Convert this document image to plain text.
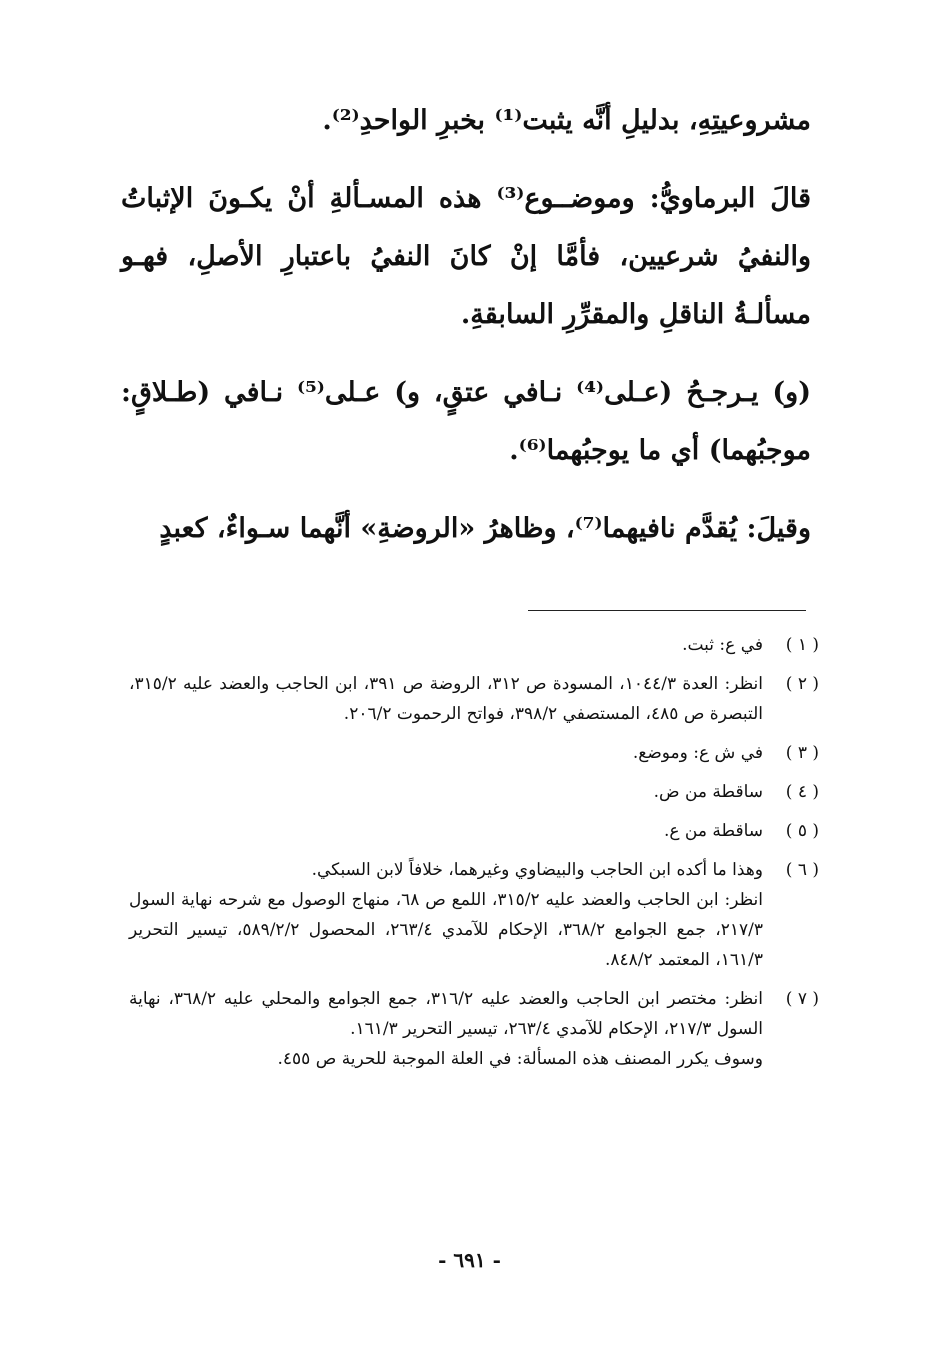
مشروعيتِهِ، بدليلِ أنَّه يثبت⁽¹⁾ بخبرِ الواحدِ⁽²⁾.

قالَ البرماويُّ: وموضــوع⁽³⁾ هذه المسـألةِ أنْ يكـونَ الإثباتُ والنفيُ شرعيين، فأمَّا إنْ كانَ النفيُ باعتبارِ الأصلِ، فهـو مسألـةُ الناقلِ والمقرِّرِ السابقةِ.

(و) يـرجـحُ (عـلى⁽⁴⁾ نـافي عتقٍ، و) عـلى⁽⁵⁾ نـافي (طـلاقٍ: موجبُهما) أي ما يوجبُهما⁽⁶⁾.

وقيلَ: يُقدَّم نافيهما⁽⁷⁾، وظاهرُ «الروضةِ» أنَّهما سـواءٌ، كعبدٍ

( ١ )
في ع: ثبت.
( ٢ )
انظر: العدة ١٠٤٤/٣، المسودة ص ٣١٢، الروضة ص ٣٩١، ابن الحاجب والعضد عليه ٣١٥/٢، التبصرة ص ٤٨٥، المستصفي ٣٩٨/٢، فواتح الرحموت ٢٠٦/٢.
( ٣ )
في ش ع: وموضع.
( ٤ )
ساقطة من ض.
( ٥ )
ساقطة من ع.
( ٦ )
وهذا ما أكده ابن الحاجب والبيضاوي وغيرهما، خلافاً لابن السبكي.
انظر: ابن الحاجب والعضد عليه ٣١٥/٢، اللمع ص ٦٨، منهاج الوصول مع شرحه نهاية السول ٢١٧/٣، جمع الجوامع ٣٦٨/٢، الإحكام للآمدي ٢٦٣/٤، المحصول ٥٨٩/٢/٢، تيسير التحرير ١٦١/٣، المعتمد ٨٤٨/٢.
( ٧ )
انظر: مختصر ابن الحاجب والعضد عليه ٣١٦/٢، جمع الجوامع والمحلي عليه ٣٦٨/٢، نهاية السول ٢١٧/٣، الإحكام للآمدي ٢٦٣/٤، تيسير التحرير ١٦١/٣.
وسوف يكرر المصنف هذه المسألة: في العلة الموجبة للحرية ص ٤٥٥.
- ٦٩١ -
